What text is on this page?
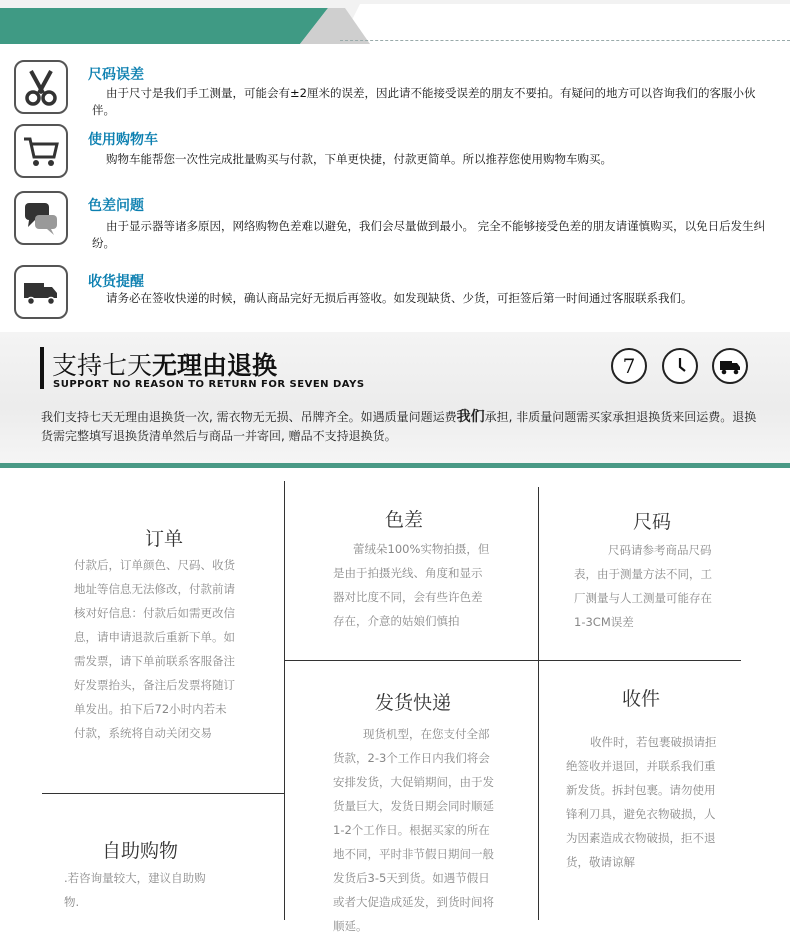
尺码误差
由于尺寸是我们手工测量，可能会有±2厘米的误差，因此请不能接受误差的朋友不要拍。有疑问的地方可以咨询我们的客服小伙伴。
使用购物车
购物车能帮您一次性完成批量购买与付款，下单更快捷，付款更简单。所以推荐您使用购物车购买。
色差问题
由于显示器等诸多原因，网络购物色差难以避免，我们会尽量做到最小。 完全不能够接受色差的朋友请谨慎购买，以免日后发生纠纷。
收货提醒
请务必在签收快递的时候，确认商品完好无损后再签收。如发现缺货、少货，可拒签后第一时间通过客服联系我们。
支持七天无理由退换
SUPPORT NO REASON TO RETURN FOR SEVEN DAYS
我们支持七天无理由退换货一次, 需衣物无无损、吊牌齐全。如遇质量问题运费我们承担, 非质量问题需买家承担退换货来回运费。退换货需完整填写退换货清单然后与商品一并寄回, 赠品不支持退换货。
7
订单
付款后，订单颜色、尺码、收货地址等信息无法修改，付款前请核对好信息：付款后如需更改信息，请申请退款后重新下单。如需发票，请下单前联系客服备注好发票抬头，备注后发票将随订单发出。拍下后72小时内若未付款，系统将自动关闭交易
色差
蕾绒朵100%实物拍摄，但是由于拍摄光线、角度和显示器对比度不同，会有些许色差存在，介意的姑娘们慎拍
尺码
尺码请参考商品尺码表，由于测量方法不同，工厂测量与人工测量可能存在1-3CM误差
发货快递
现货机型，在您支付全部货款，2-3个工作日内我们将会安排发货，大促销期间，由于发货量巨大，发货日期会同时顺延1-2个工作日。根据买家的所在地不同，平时非节假日期间一般发货后3-5天到货。如遇节假日或者大促造成延发，到货时间将顺延。
收件
收件时，若包裹破损请拒绝签收并退回，并联系我们重新发货。拆封包裹。请勿使用锋利刀具，避免衣物破损，人为因素造成衣物破损，拒不退货，敬请谅解
自助购物
.若咨询量较大，建议自助购物.
